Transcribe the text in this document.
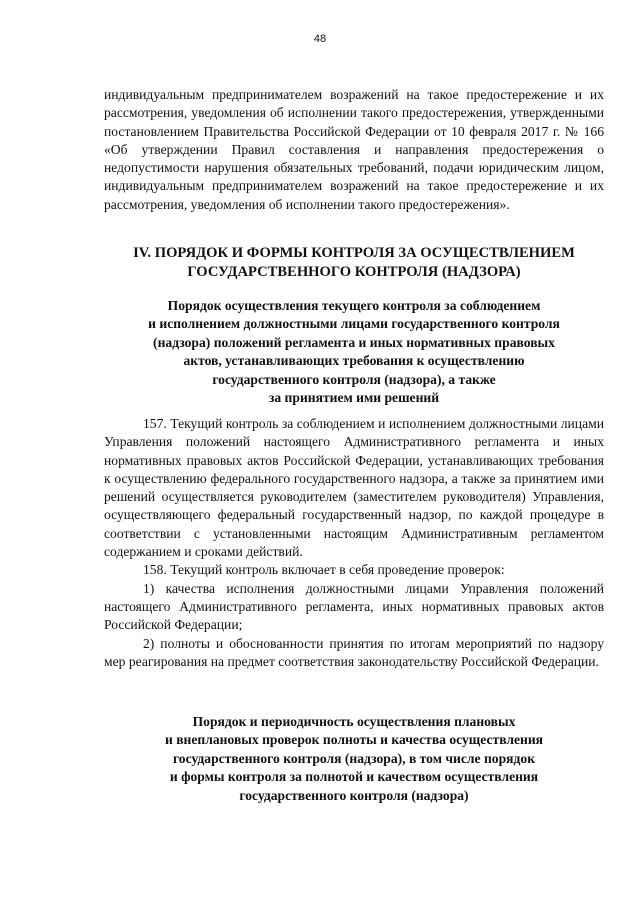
48

индивидуальным предпринимателем возражений на такое предостережение и их рассмотрения, уведомления об исполнении такого предостережения, утвержденными постановлением Правительства Российской Федерации от 10 февраля 2017 г. № 166 «Об утверждении Правил составления и направления предостережения о недопустимости нарушения обязательных требований, подачи юридическим лицом, индивидуальным предпринимателем возражений на такое предостережение и их рассмотрения, уведомления об исполнении такого предостережения».

IV. ПОРЯДОК И ФОРМЫ КОНТРОЛЯ ЗА ОСУЩЕСТВЛЕНИЕМ
ГОСУДАРСТВЕННОГО КОНТРОЛЯ (НАДЗОРА)

Порядок осуществления текущего контроля за соблюдением
и исполнением должностными лицами государственного контроля
(надзора) положений регламента и иных нормативных правовых
актов, устанавливающих требования к осуществлению
государственного контроля (надзора), а также
за принятием ими решений

157. Текущий контроль за соблюдением и исполнением должностными лицами Управления положений настоящего Административного регламента и иных нормативных правовых актов Российской Федерации, устанавливающих требования к осуществлению федерального государственного надзора, а также за принятием ими решений осуществляется руководителем (заместителем руководителя) Управления, осуществляющего федеральный государственный надзор, по каждой процедуре в соответствии с установленными настоящим Административным регламентом содержанием и сроками действий.

158. Текущий контроль включает в себя проведение проверок:

1) качества исполнения должностными лицами Управления положений настоящего Административного регламента, иных нормативных правовых актов Российской Федерации;

2) полноты и обоснованности принятия по итогам мероприятий по надзору мер реагирования на предмет соответствия законодательству Российской Федерации.

Порядок и периодичность осуществления плановых
и внеплановых проверок полноты и качества осуществления
государственного контроля (надзора), в том числе порядок
и формы контроля за полнотой и качеством осуществления
государственного контроля (надзора)
